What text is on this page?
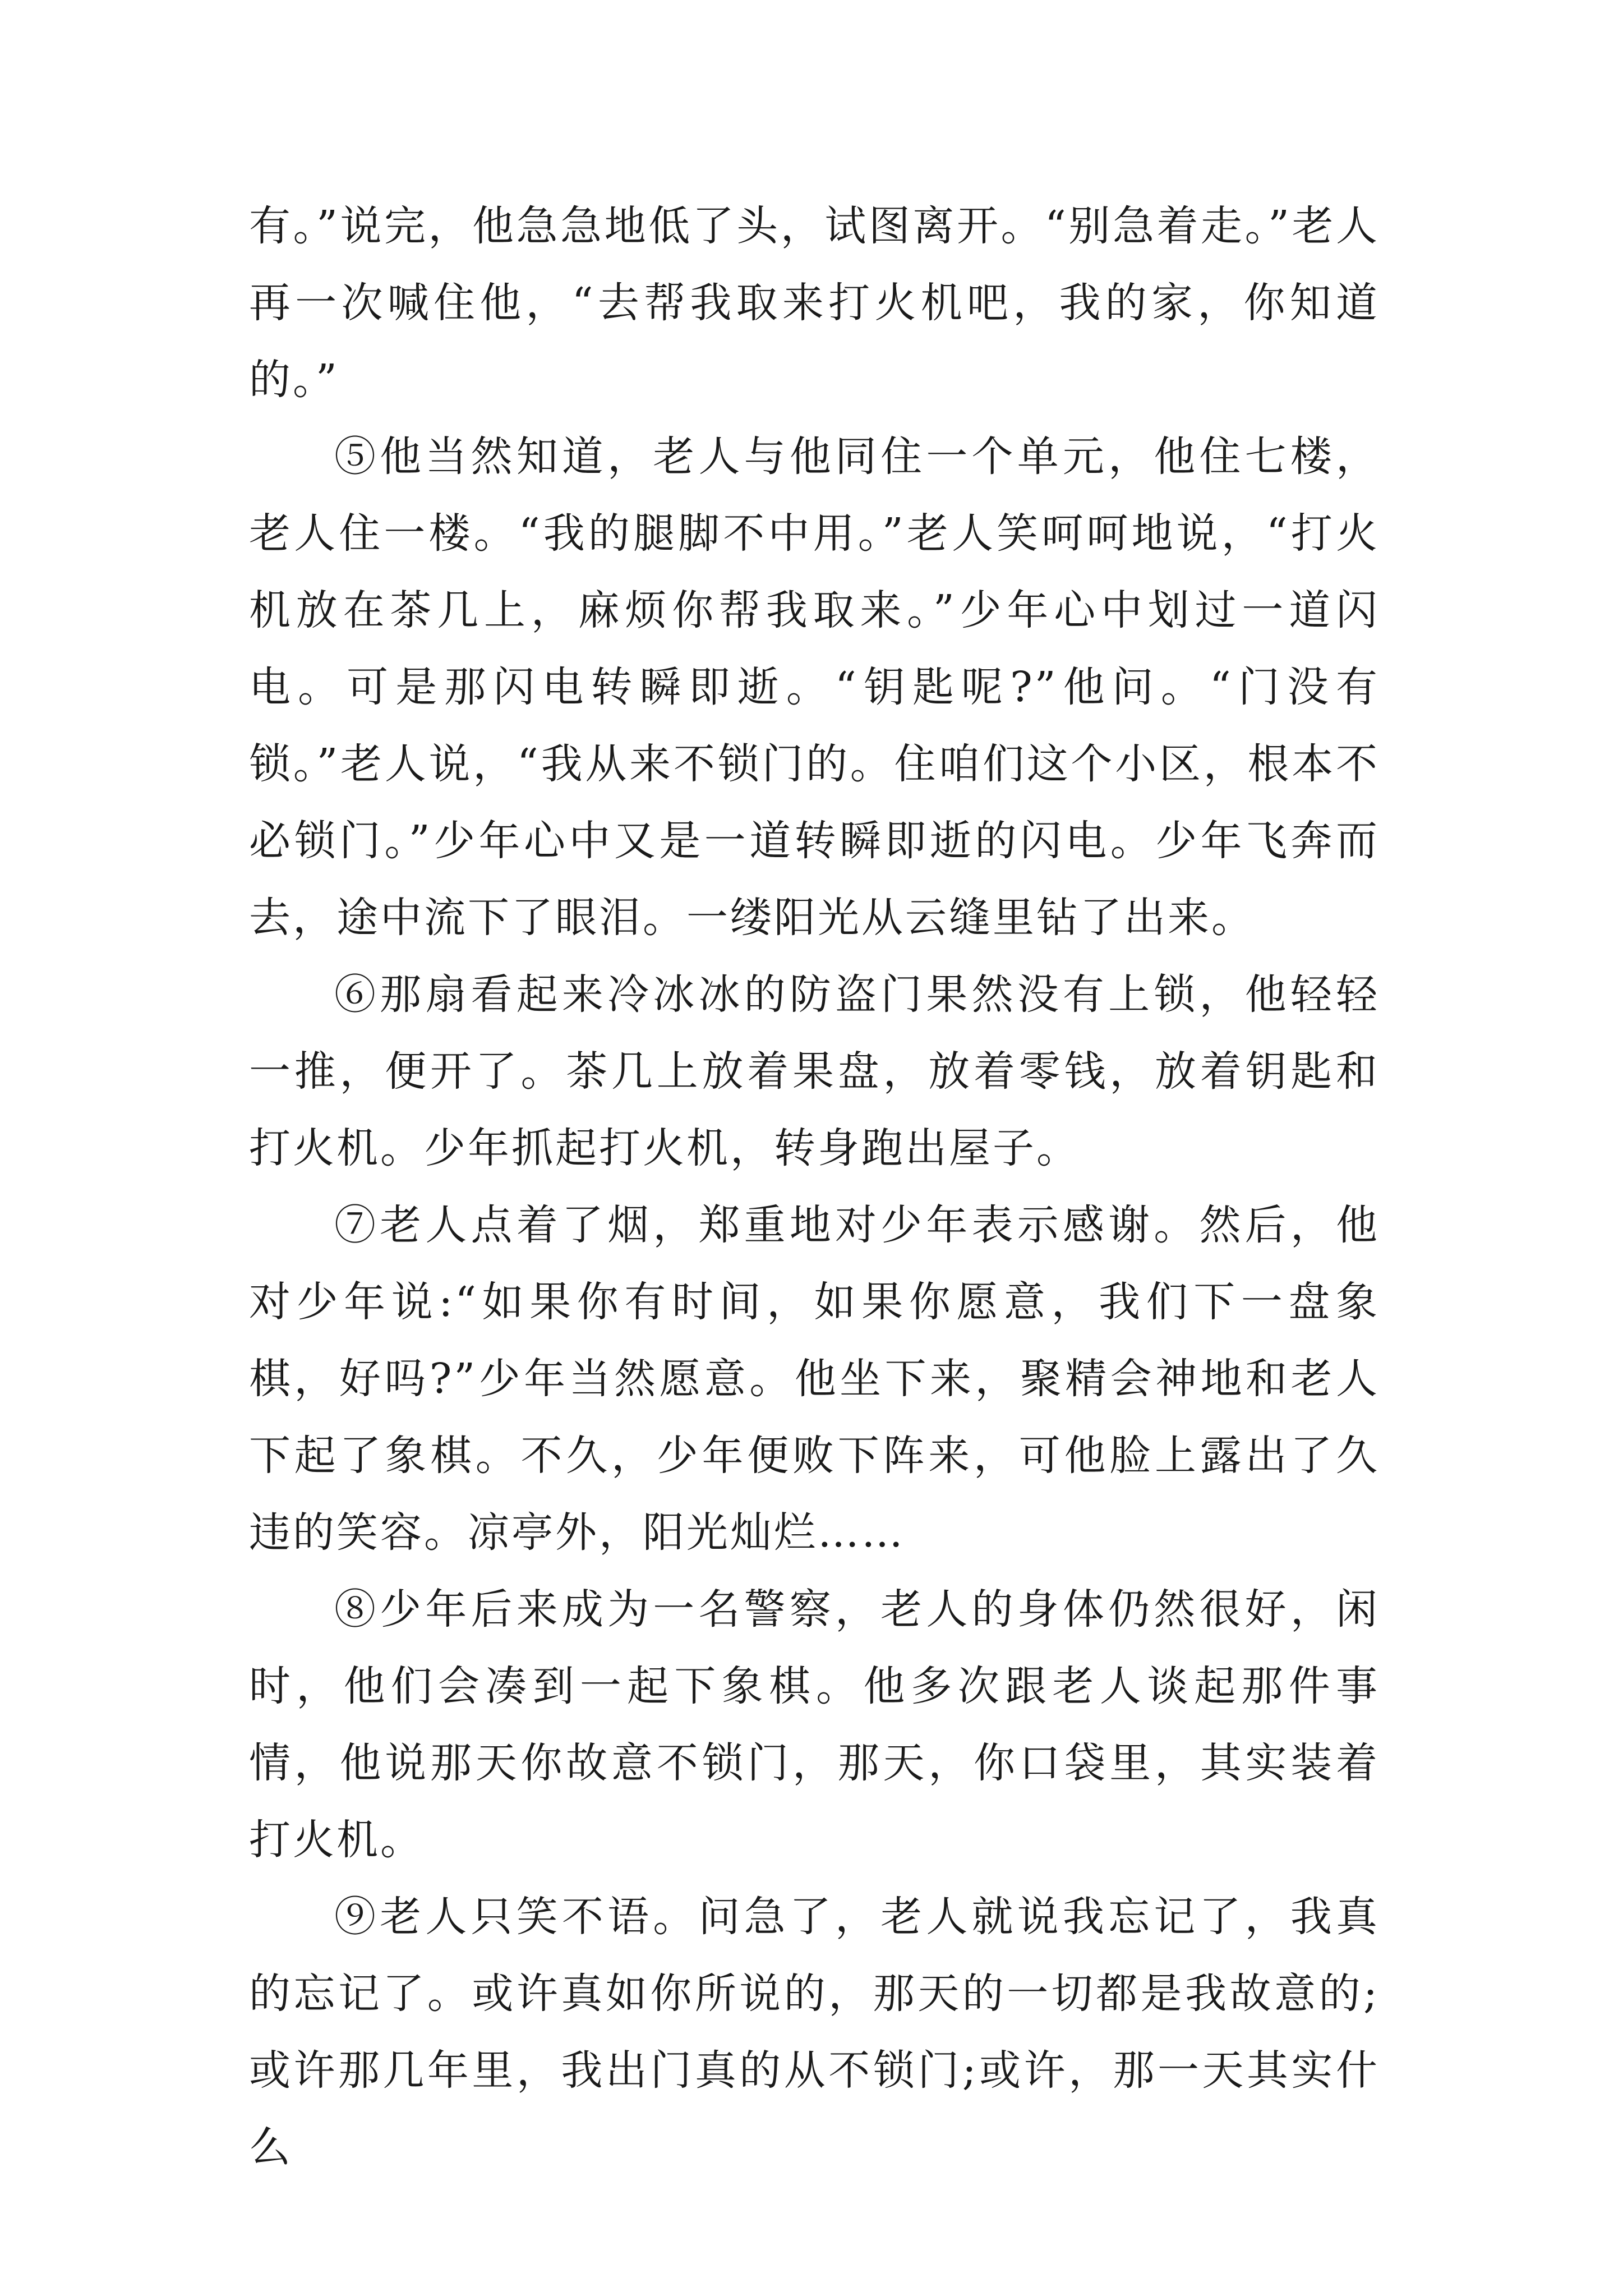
有。”说完，他急急地低了头，试图离开。“别急着走。”老人再一次喊住他，“去帮我取来打火机吧，我的家，你知道的。”

⑤他当然知道，老人与他同住一个单元，他住七楼，老人住一楼。“我的腿脚不中用。”老人笑呵呵地说，“打火机放在茶几上，麻烦你帮我取来。”少年心中划过一道闪电。可是那闪电转瞬即逝。“钥匙呢?”他问。“门没有锁。”老人说，“我从来不锁门的。住咱们这个小区，根本不必锁门。”少年心中又是一道转瞬即逝的闪电。少年飞奔而去，途中流下了眼泪。一缕阳光从云缝里钻了出来。

⑥那扇看起来冷冰冰的防盗门果然没有上锁，他轻轻一推，便开了。茶几上放着果盘，放着零钱，放着钥匙和打火机。少年抓起打火机，转身跑出屋子。

⑦老人点着了烟，郑重地对少年表示感谢。然后，他对少年说:“如果你有时间，如果你愿意，我们下一盘象棋，好吗?”少年当然愿意。他坐下来，聚精会神地和老人下起了象棋。不久，少年便败下阵来，可他脸上露出了久违的笑容。凉亭外，阳光灿烂……

⑧少年后来成为一名警察，老人的身体仍然很好，闲时，他们会凑到一起下象棋。他多次跟老人谈起那件事情，他说那天你故意不锁门，那天，你口袋里，其实装着打火机。

⑨老人只笑不语。问急了，老人就说我忘记了，我真的忘记了。或许真如你所说的，那天的一切都是我故意的;或许那几年里，我出门真的从不锁门;或许，那一天其实什么
